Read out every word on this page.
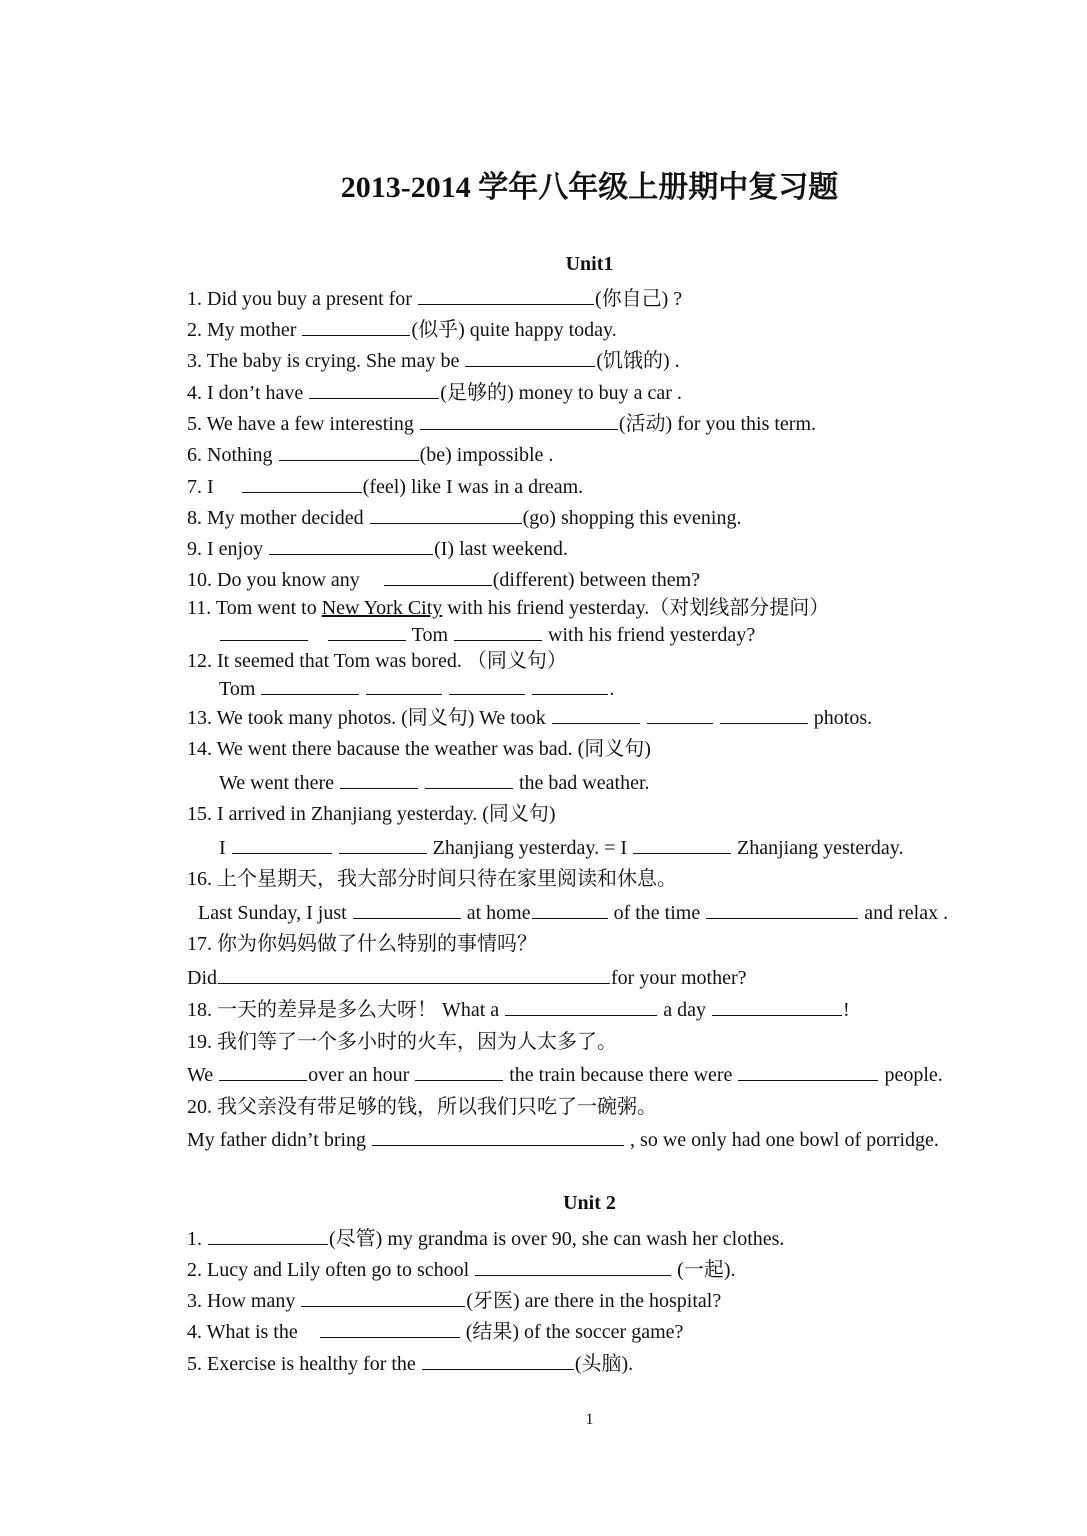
2013-2014 学年八年级上册期中复习题
Unit1
1. Did you buy a present for	(你自己) ?
2. My mother	(似乎) quite happy today.
3. The baby is crying. She may be	(饥饿的) .
4. I don’t have	(足够的) money to buy a car .
5. We have a few interesting	(活动) for you this term.
6. Nothing	(be) impossible .
7. I	(feel) like I was in a dream.
8. My mother decided	(go) shopping this evening.
9. I enjoy	(I) last weekend.
10. Do you know any	(different) between them?
11. Tom went to New York City with his friend yesterday.（对划线部分提问）
Tom	with his friend yesterday?
12. It seemed that Tom was bored. （同义句）
Tom	.
13. We took many photos. (同义句) We took	photos.
14. We went there bacause the weather was bad. (同义句)
We went there	the bad weather.
15. I arrived in Zhanjiang yesterday. (同义句)
I	Zhanjiang yesterday. = I	Zhanjiang yesterday.
16. 上个星期天，我大部分时间只待在家里阅读和休息。
Last Sunday, I just	at home	of the time	and relax .
17. 你为你妈妈做了什么特别的事情吗？
Did	for your mother?
18. 一天的差异是多么大呀！ What a	a day	!
19. 我们等了一个多小时的火车，因为人太多了。
We	over an hour	the train because there were	people.
20. 我父亲没有带足够的钱，所以我们只吃了一碗粥。
My father didn’t bring	, so we only had one bowl of porridge.
Unit 2
1.	(尽管) my grandma is over 90, she can wash her clothes.
2. Lucy and Lily often go to school	(一起).
3. How many	(牙医) are there in the hospital?
4. What is the	(结果) of the soccer game?
5. Exercise is healthy for the	(头脑).
1
